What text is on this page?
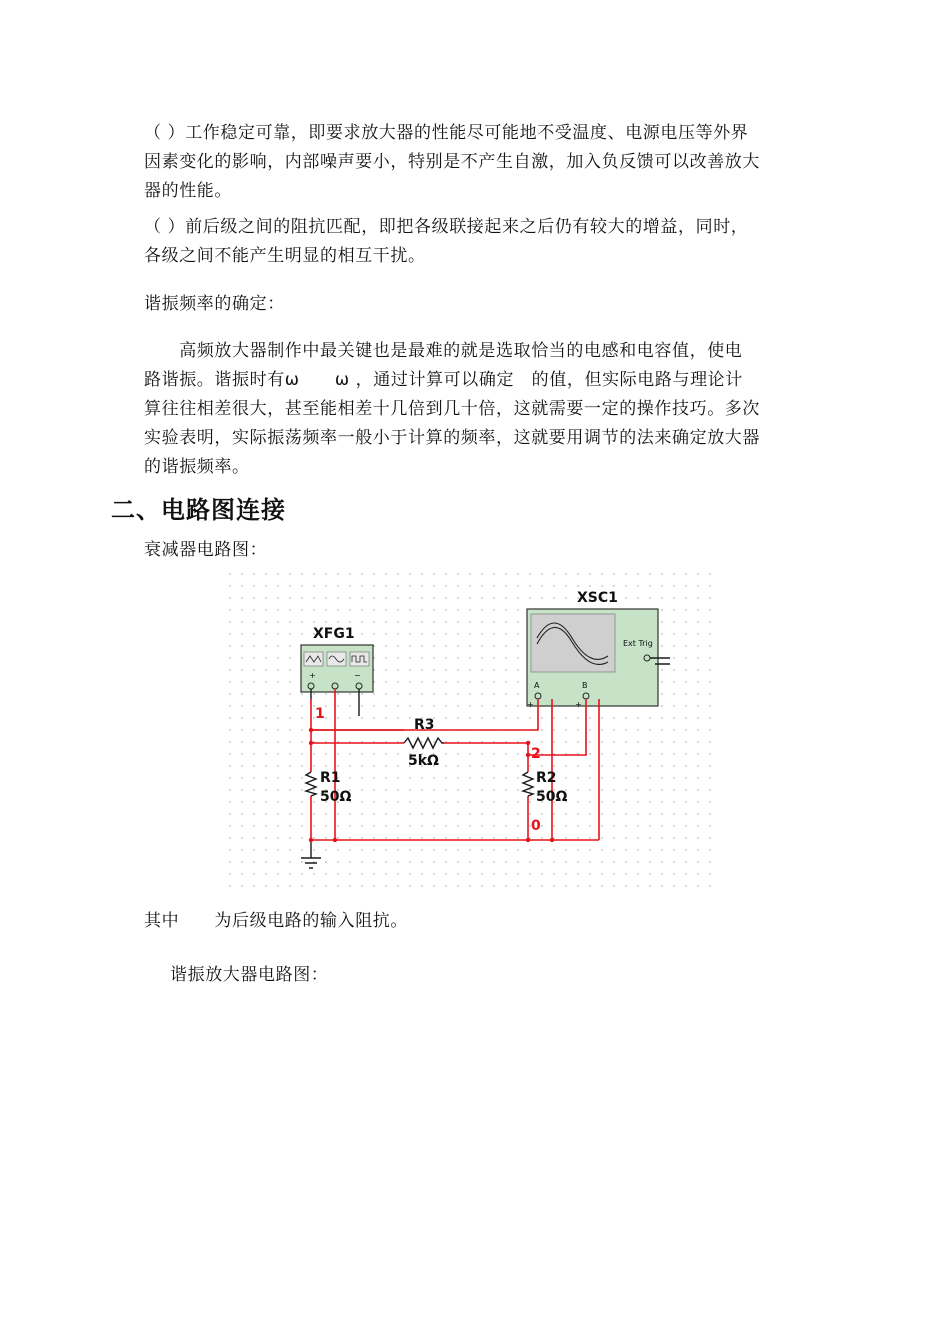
（ ）工作稳定可靠，即要求放大器的性能尽可能地不受温度、电源电压等外界
因素变化的影响，内部噪声要小，特别是不产生自激，加入负反馈可以改善放大
器的性能。

（ ）前后级之间的阻抗匹配，即把各级联接起来之后仍有较大的增益，同时，
各级之间不能产生明显的相互干扰。

谐振频率的确定：

　　高频放大器制作中最关键也是最难的就是选取恰当的电感和电容值，使电
路谐振。谐振时有ω　　ω ，通过计算可以确定　的值，但实际电路与理论计
算往往相差很大，甚至能相差十几倍到几十倍，这就需要一定的操作技巧。多次
实验表明，实际振荡频率一般小于计算的频率，这就要用调节的法来确定放大器
的谐振频率。

二、电路图连接

衰减器电路图：

XFG1
+	−
XSC1
Ext Trig
A	B
+	+
R3
5kΩ
R1
50Ω
R2
50Ω
1
2
0

其中　　为后级电路的输入阻抗。

谐振放大器电路图：
